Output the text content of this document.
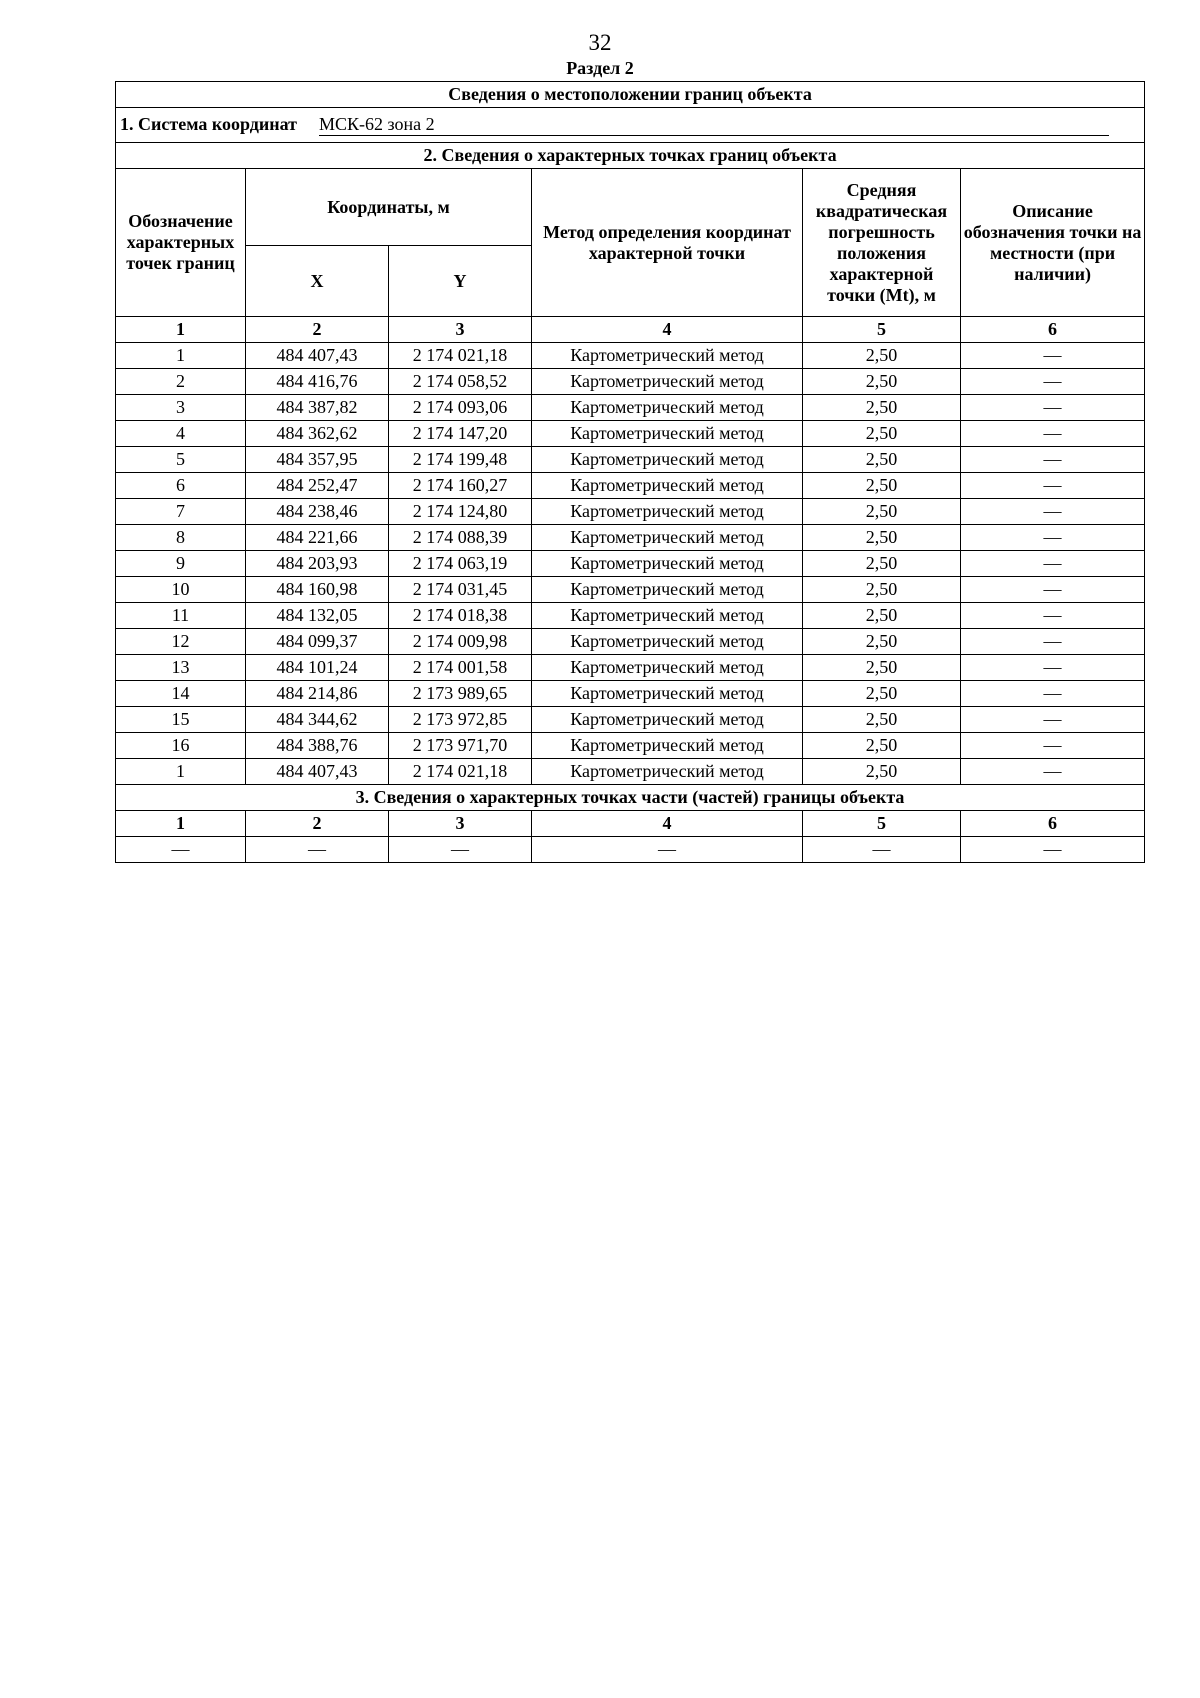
32
Раздел 2
Сведения о местоположении границ объекта					
1. Система координат МСК-62 зона 2					
2. Сведения о характерных точках границ объекта					
Обозначение характерных точек границ	Координаты, м		Метод определения координат характерной точки	Средняя квадратическая погрешность положения характерной точки (Mt), м	Описание обозначения точки на местности (при наличии)
	X	Y			
1	2	3	4	5	6
1	484 407,43	2 174 021,18	Картометрический метод	2,50	—
2	484 416,76	2 174 058,52	Картометрический метод	2,50	—
3	484 387,82	2 174 093,06	Картометрический метод	2,50	—
4	484 362,62	2 174 147,20	Картометрический метод	2,50	—
5	484 357,95	2 174 199,48	Картометрический метод	2,50	—
6	484 252,47	2 174 160,27	Картометрический метод	2,50	—
7	484 238,46	2 174 124,80	Картометрический метод	2,50	—
8	484 221,66	2 174 088,39	Картометрический метод	2,50	—
9	484 203,93	2 174 063,19	Картометрический метод	2,50	—
10	484 160,98	2 174 031,45	Картометрический метод	2,50	—
11	484 132,05	2 174 018,38	Картометрический метод	2,50	—
12	484 099,37	2 174 009,98	Картометрический метод	2,50	—
13	484 101,24	2 174 001,58	Картометрический метод	2,50	—
14	484 214,86	2 173 989,65	Картометрический метод	2,50	—
15	484 344,62	2 173 972,85	Картометрический метод	2,50	—
16	484 388,76	2 173 971,70	Картометрический метод	2,50	—
1	484 407,43	2 174 021,18	Картометрический метод	2,50	—
3. Сведения о характерных точках части (частей) границы объекта					
1	2	3	4	5	6
—	—	—	—	—	—
